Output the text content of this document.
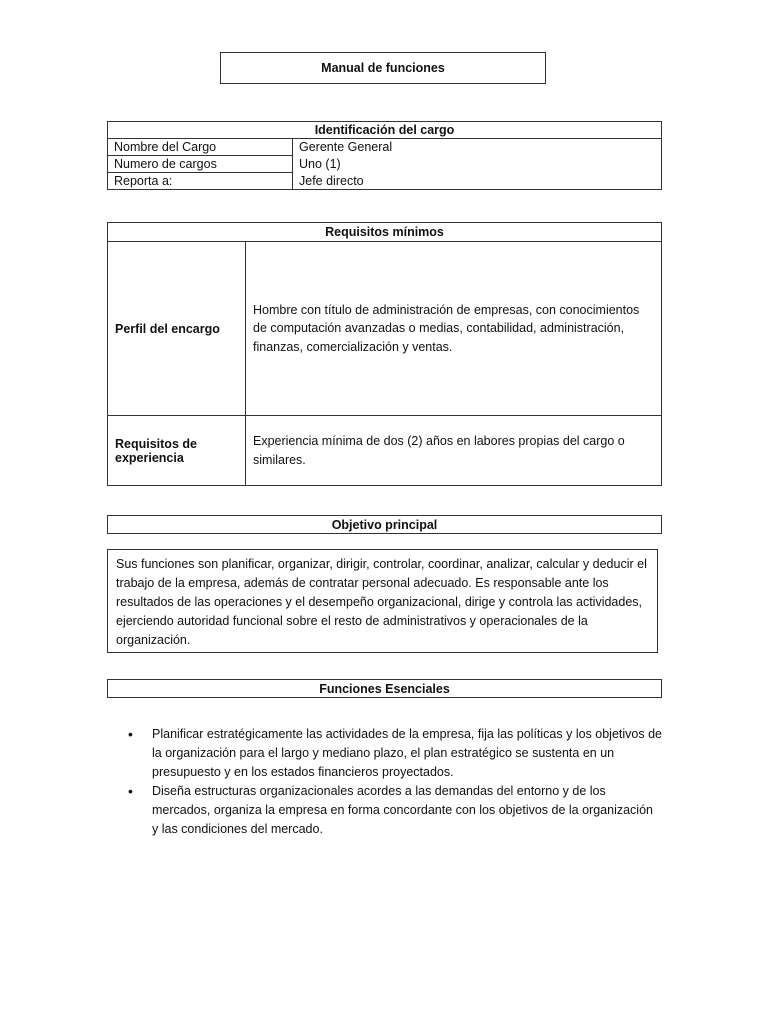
Manual de funciones
Identificación del cargo	
Nombre del Cargo	Gerente General
Numero de cargos	Uno (1)
Reporta a:	Jefe directo
Requisitos mínimos	
Perfil del encargo	Hombre con título de administración de empresas, con conocimientos de computación avanzadas o medias, contabilidad, administración, finanzas, comercialización y ventas.
Requisitos de experiencia	Experiencia mínima de dos (2) años en labores propias del cargo o similares.
Objetivo principal
Sus funciones son planificar, organizar, dirigir, controlar, coordinar, analizar, calcular y deducir el trabajo de la empresa, además de contratar personal adecuado. Es responsable ante los resultados de las operaciones y el desempeño organizacional, dirige y controla las actividades, ejerciendo autoridad funcional sobre el resto de administrativos y operacionales de la organización.
Funciones Esenciales
• Planificar estratégicamente las actividades de la empresa, fija las políticas y los objetivos de la organización para el largo y mediano plazo, el plan estratégico se sustenta en un presupuesto y en los estados financieros proyectados.
• Diseña estructuras organizacionales acordes a las demandas del entorno y de los mercados, organiza la empresa en forma concordante con los objetivos de la organización y las condiciones del mercado.
